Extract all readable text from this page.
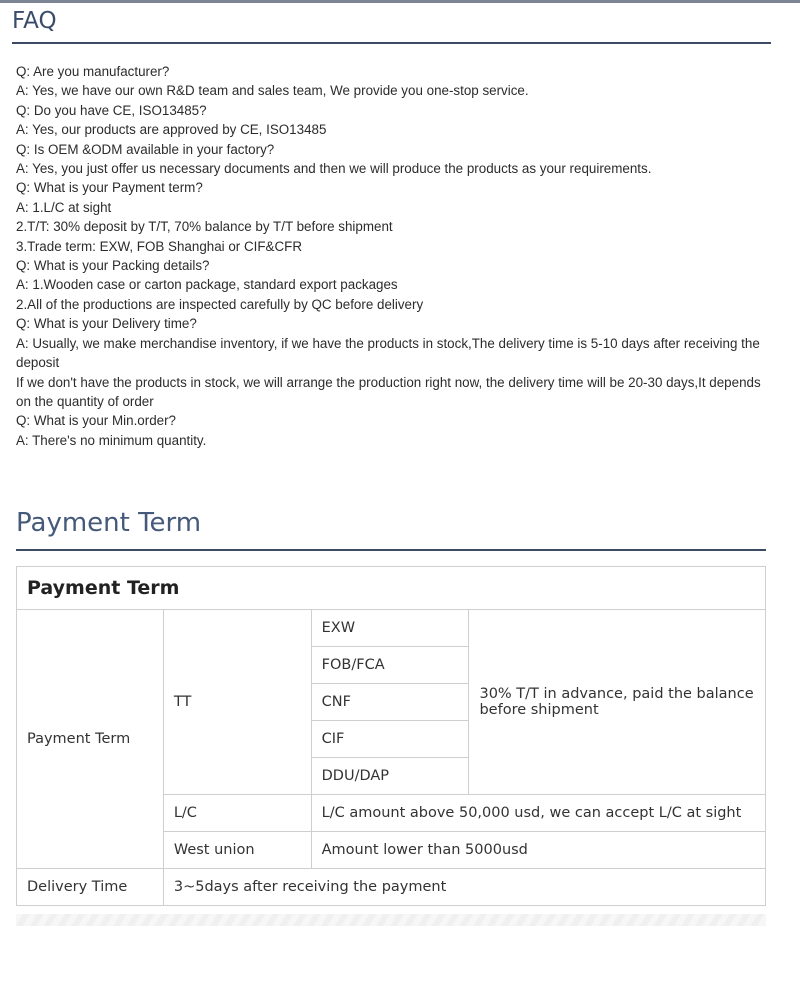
FAQ
Q: Are you manufacturer?
A: Yes, we have our own R&D team and sales team, We provide you one-stop service.
Q: Do you have CE, ISO13485?
A: Yes, our products are approved by CE, ISO13485
Q: Is OEM &ODM available in your factory?
A: Yes, you just offer us necessary documents and then we will produce the products as your requirements.
Q: What is your Payment term?
A: 1.L/C at sight
2.T/T: 30% deposit by T/T, 70% balance by T/T before shipment
3.Trade term: EXW, FOB Shanghai or CIF&CFR
Q: What is your Packing details?
A: 1.Wooden case or carton package, standard export packages
2.All of the productions are inspected carefully by QC before delivery
Q: What is your Delivery time?
A: Usually, we make merchandise inventory, if we have the products in stock,The delivery time is 5-10 days after receiving the
deposit
If we don't have the products in stock, we will arrange the production right now, the delivery time will be 20-30 days,It depends
on the quantity of order
Q: What is your Min.order?
A: There's no minimum quantity.
Payment Term
Payment Term			
Payment Term	TT	EXW	30% T/T in advance, paid the balance before shipment
		FOB/FCA	
		CNF	
		CIF	
		DDU/DAP	
	L/C	L/C amount above 50,000 usd, we can accept L/C at sight	
	West union	Amount lower than 5000usd	
Delivery Time	3~5days after receiving the payment		
